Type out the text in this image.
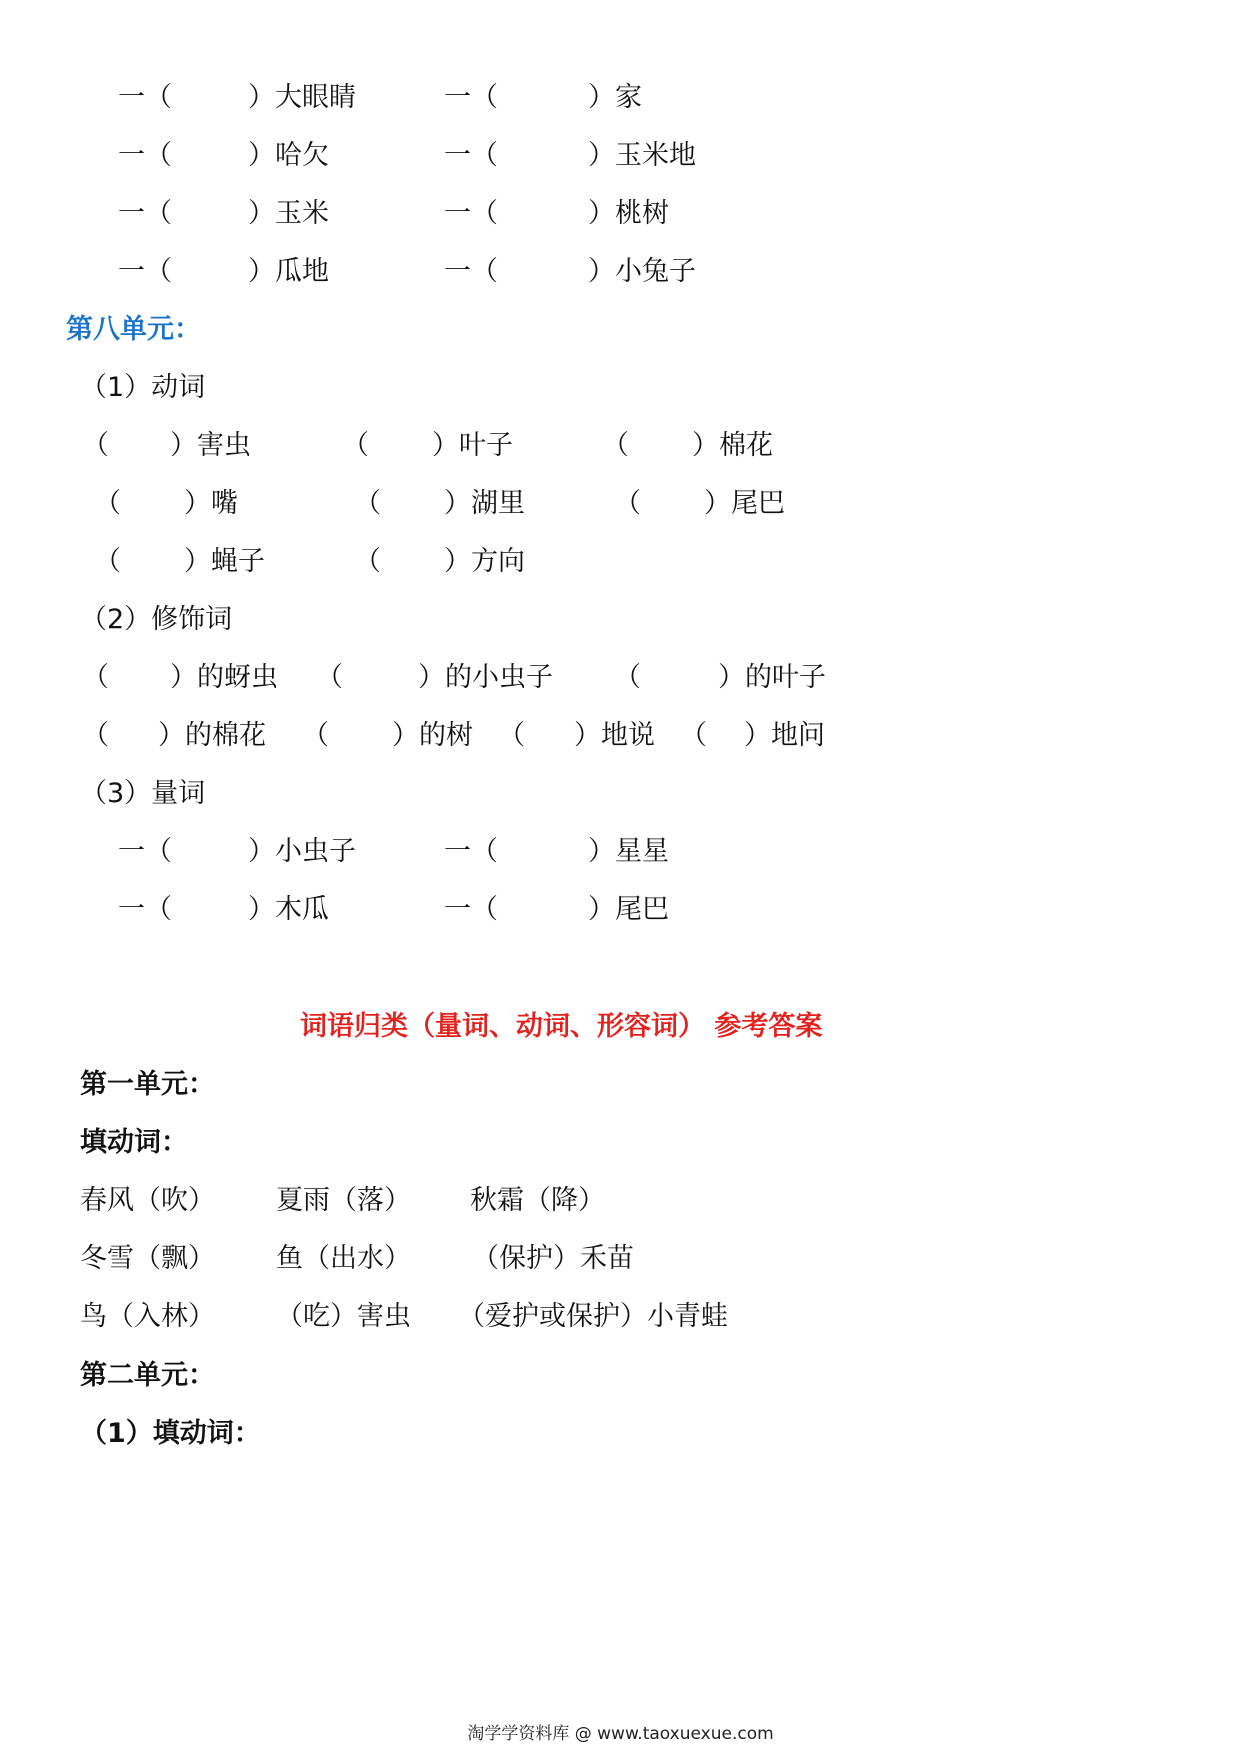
一（	）大眼睛	一（	）家
一（	）哈欠	一（	）玉米地
一（	）玉米	一（	）桃树
一（	）瓜地	一（	）小兔子
第八单元：
（1）动词
（ ）害虫	（ ）叶子	（ ）棉花
（ ）嘴	（ ）湖里	（ ）尾巴
（ ）蝇子	（ ）方向
（2）修饰词
（ ）的蚜虫 （	）的小虫子 （	）的叶子
（ ）的棉花 （ ）的树 （ ）地说 （ ）地问
（3）量词
一（	）小虫子	一（	）星星
一（	）木瓜	一（	）尾巴
词语归类（量词、动词、形容词） 参考答案
第一单元：
填动词：
春风（吹） 夏雨（落） 秋霜（降）
冬雪（飘） 鱼（出水） （保护）禾苗
鸟（入林） （吃）害虫 （爱护或保护）小青蛙
第二单元：
（1）填动词：
淘学学资料库 @ www.taoxuexue.com
